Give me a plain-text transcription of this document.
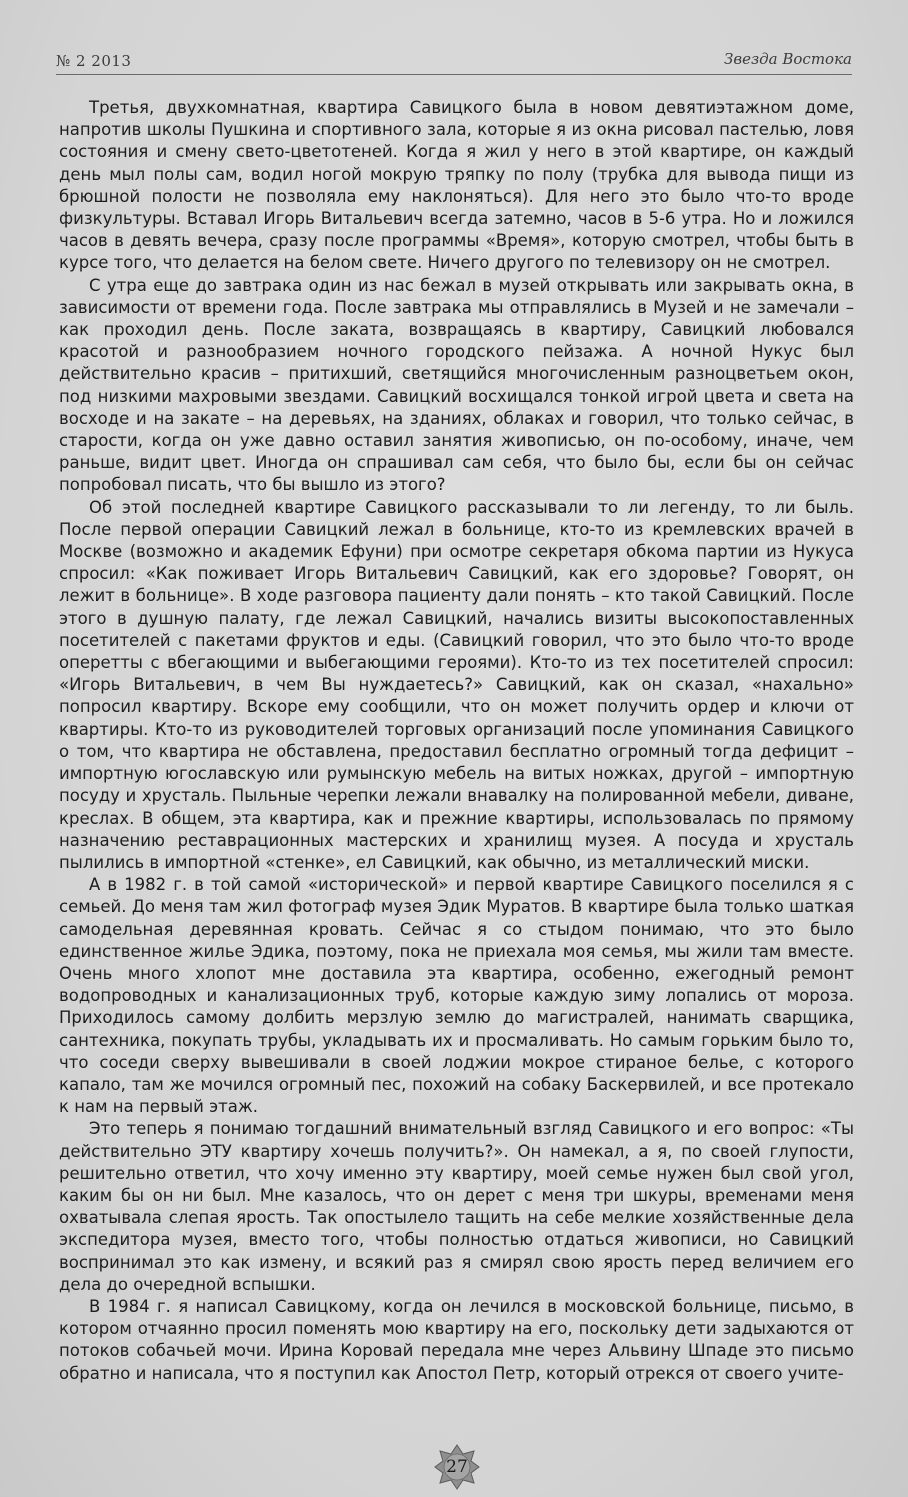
№ 2 2013	Звезда Востока

Третья, двухкомнатная, квартира Савицкого была в новом девятиэтажном доме, напротив школы Пушкина и спортивного зала, которые я из окна рисовал пастелью, ловя состояния и смену свето-цветотеней. Когда я жил у него в этой квартире, он каждый день мыл полы сам, водил ногой мокрую тряпку по полу (трубка для вывода пищи из брюшной полости не позволяла ему наклоняться). Для него это было что-то вроде физкультуры. Вставал Игорь Витальевич всегда затемно, часов в 5-6 утра. Но и ложился часов в девять вечера, сразу после программы «Время», которую смотрел, чтобы быть в курсе того, что делается на белом свете. Ничего другого по телевизору он не смотрел.

С утра еще до завтрака один из нас бежал в музей открывать или закрывать окна, в зависимости от времени года. После завтрака мы отправлялись в Музей и не замечали – как проходил день. После заката, возвращаясь в квартиру, Савицкий любовался красотой и разнообразием ночного городского пейзажа. А ночной Нукус был действительно красив – притихший, светящийся многочисленным разноцветьем окон, под низкими махровыми звездами. Савицкий восхищался тонкой игрой цвета и света на восходе и на закате – на деревьях, на зданиях, облаках и говорил, что только сейчас, в старости, когда он уже давно оставил занятия живописью, он по-особому, иначе, чем раньше, видит цвет. Иногда он спрашивал сам себя, что было бы, если бы он сейчас попробовал писать, что бы вышло из этого?

Об этой последней квартире Савицкого рассказывали то ли легенду, то ли быль. После первой операции Савицкий лежал в больнице, кто-то из кремлевских врачей в Москве (возможно и академик Ефуни) при осмотре секретаря обкома партии из Нукуса спросил: «Как поживает Игорь Витальевич Савицкий, как его здоровье? Говорят, он лежит в больнице». В ходе разговора пациенту дали понять – кто такой Савицкий. После этого в душную палату, где лежал Савицкий, начались визиты высокопоставленных посетителей с пакетами фруктов и еды. (Савицкий говорил, что это было что-то вроде оперетты с вбегающими и выбегающими героями). Кто-то из тех посетителей спросил: «Игорь Витальевич, в чем Вы нуждаетесь?» Савицкий, как он сказал, «нахально» попросил квартиру. Вскоре ему сообщили, что он может получить ордер и ключи от квартиры. Кто-то из руководителей торговых организаций после упоминания Савицкого о том, что квартира не обставлена, предоставил бесплатно огромный тогда дефицит – импортную югославскую или румынскую мебель на витых ножках, другой – импортную посуду и хрусталь. Пыльные черепки лежали внавалку на полированной мебели, диване, креслах. В общем, эта квартира, как и прежние квартиры, использовалась по прямому назначению реставрационных мастерских и хранилищ музея. А посуда и хрусталь пылились в импортной «стенке», ел Савицкий, как обычно, из металлический миски.

А в 1982 г. в той самой «исторической» и первой квартире Савицкого поселился я с семьей. До меня там жил фотограф музея Эдик Муратов. В квартире была только шаткая самодельная деревянная кровать. Сейчас я со стыдом понимаю, что это было единственное жилье Эдика, поэтому, пока не приехала моя семья, мы жили там вместе. Очень много хлопот мне доставила эта квартира, особенно, ежегодный ремонт водопроводных и канализационных труб, которые каждую зиму лопались от мороза. Приходилось самому долбить мерзлую землю до магистралей, нанимать сварщика, сантехника, покупать трубы, укладывать их и просмаливать. Но самым горьким было то, что соседи сверху вывешивали в своей лоджии мокрое стираное белье, с которого капало, там же мочился огромный пес, похожий на собаку Баскервилей, и все протекало к нам на первый этаж.

Это теперь я понимаю тогдашний внимательный взгляд Савицкого и его вопрос: «Ты действительно ЭТУ квартиру хочешь получить?». Он намекал, а я, по своей глупости, решительно ответил, что хочу именно эту квартиру, моей семье нужен был свой угол, каким бы он ни был. Мне казалось, что он дерет с меня три шкуры, временами меня охватывала слепая ярость. Так опостылело тащить на себе мелкие хозяйственные дела экспедитора музея, вместо того, чтобы полностью отдаться живописи, но Савицкий воспринимал это как измену, и всякий раз я смирял свою ярость перед величием его дела до очередной вспышки.

В 1984 г. я написал Савицкому, когда он лечился в московской больнице, письмо, в котором отчаянно просил поменять мою квартиру на его, поскольку дети задыхаются от потоков собачьей мочи. Ирина Коровай передала мне через Альвину Шпаде это письмо обратно и написала, что я поступил как Апостол Петр, который отрекся от своего учите-

27
